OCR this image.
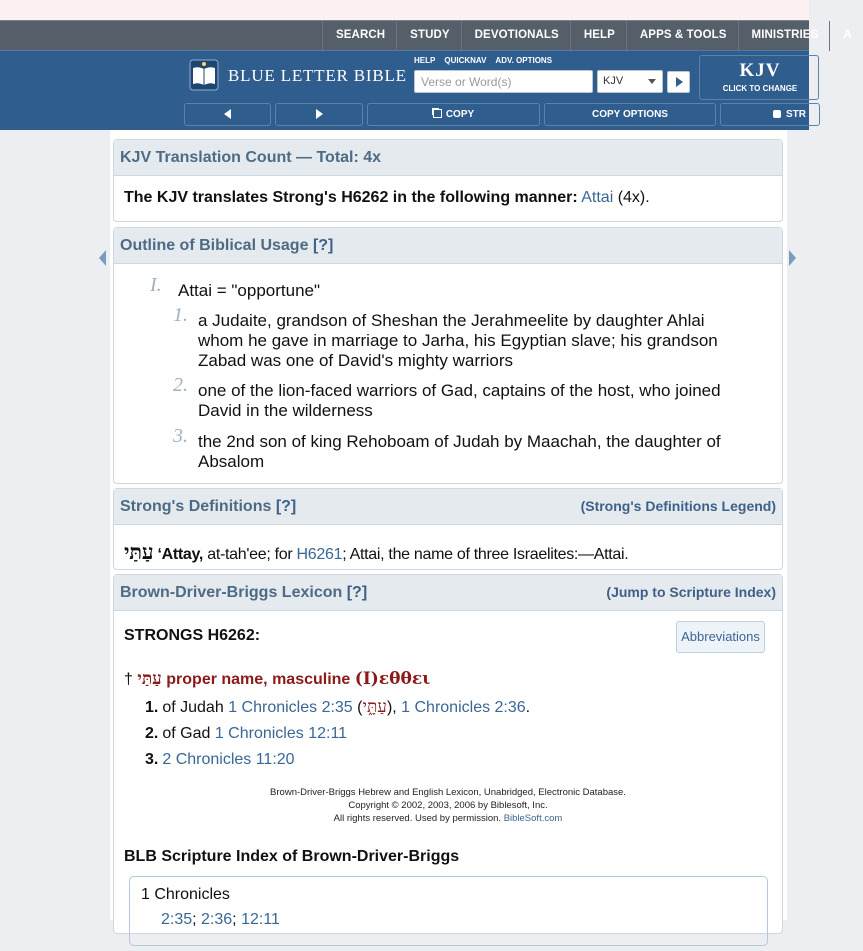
SEARCH	STUDY	DEVOTIONALS	HELP	APPS & TOOLS	MINISTRIES	A
BLUE LETTER BIBLE
HELP QUICKNAV ADV. OPTIONS
Verse or Word(s)
KJV	KJV
CLICK TO CHANGE
COPY	COPY OPTIONS	STR
KJV Translation Count — Total: 4x
The KJV translates Strong's H6262 in the following manner: Attai (4x).
Outline of Biblical Usage [?]
I. Attai = "opportune"
1. a Judaite, grandson of Sheshan the Jerahmeelite by daughter Ahlai
whom he gave in marriage to Jarha, his Egyptian slave; his grandson
Zabad was one of David's mighty warriors
2. one of the lion-faced warriors of Gad, captains of the host, who joined
David in the wilderness
3. the 2nd son of king Rehoboam of Judah by Maachah, the daughter of
Absalom
Strong's Definitions [?]	(Strong's Definitions Legend)
עַתַּי ʻAttay, at-tah'ee; for H6261; Attai, the name of three Israelites:—Attai.
Brown-Driver-Briggs Lexicon [?]	(Jump to Scripture Index)
STRONGS H6262:	Abbreviations
† עַתַּי proper name, masculine (Ι)εθθει
1. of Judah 1 Chronicles 2:35 (עַתָּ֑י), 1 Chronicles 2:36.
2. of Gad 1 Chronicles 12:11
3. 2 Chronicles 11:20
Brown-Driver-Briggs Hebrew and English Lexicon, Unabridged, Electronic Database.
Copyright © 2002, 2003, 2006 by Biblesoft, Inc.
All rights reserved. Used by permission. BibleSoft.com
BLB Scripture Index of Brown-Driver-Briggs
1 Chronicles
2:35; 2:36; 12:11
